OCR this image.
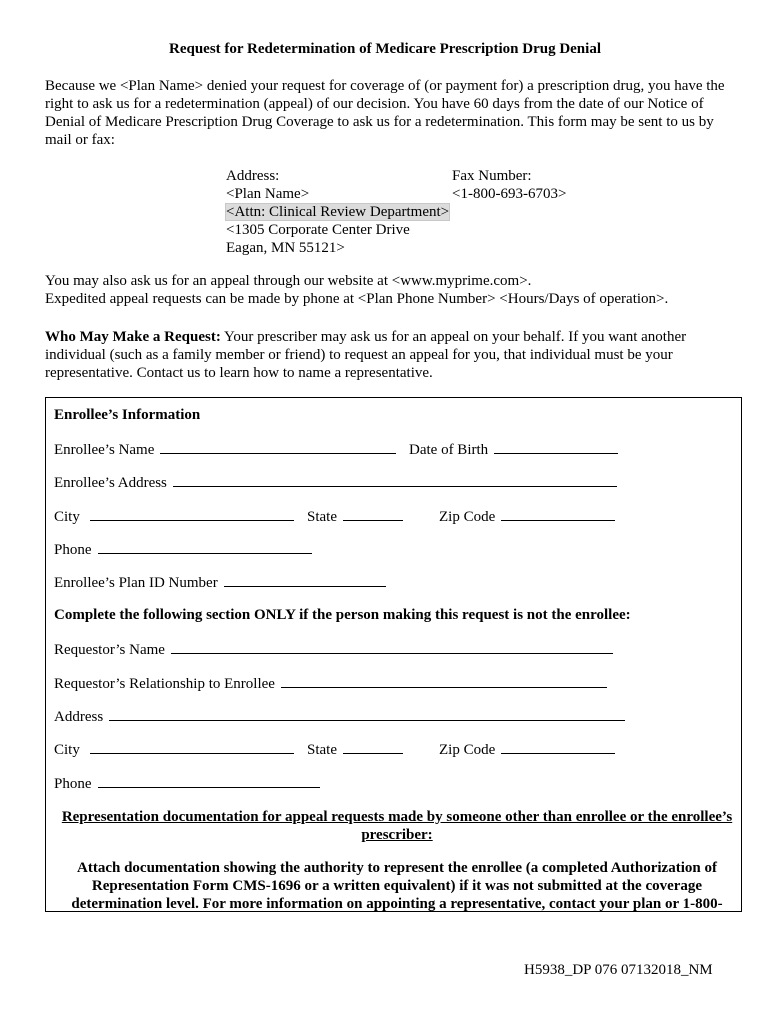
Request for Redetermination of Medicare Prescription Drug Denial
Because we <Plan Name> denied your request for coverage of (or payment for) a prescription drug, you have the right to ask us for a redetermination (appeal) of our decision. You have 60 days from the date of our Notice of Denial of Medicare Prescription Drug Coverage to ask us for a redetermination. This form may be sent to us by mail or fax:
Address:
<Plan Name>
<Attn: Clinical Review Department>
<1305 Corporate Center Drive
Eagan, MN 55121>
Fax Number:
<1-800-693-6703>
You may also ask us for an appeal through our website at <www.myprime.com>.
Expedited appeal requests can be made by phone at <Plan Phone Number> <Hours/Days of operation>.
Who May Make a Request: Your prescriber may ask us for an appeal on your behalf. If you want another individual (such as a family member or friend) to request an appeal for you, that individual must be your representative. Contact us to learn how to name a representative.
Enrollee’s Information
Enrollee’s Name	Date of Birth
Enrollee’s Address
City	State	Zip Code
Phone
Enrollee’s Plan ID Number
Complete the following section ONLY if the person making this request is not the enrollee:
Requestor’s Name
Requestor’s Relationship to Enrollee
Address
City	State	Zip Code
Phone
Representation documentation for appeal requests made by someone other than enrollee or the enrollee’s
prescriber:
Attach documentation showing the authority to represent the enrollee (a completed Authorization of
Representation Form CMS-1696 or a written equivalent) if it was not submitted at the coverage
determination level. For more information on appointing a representative, contact your plan or 1-800-
H5938_DP 076 07132018_NM
